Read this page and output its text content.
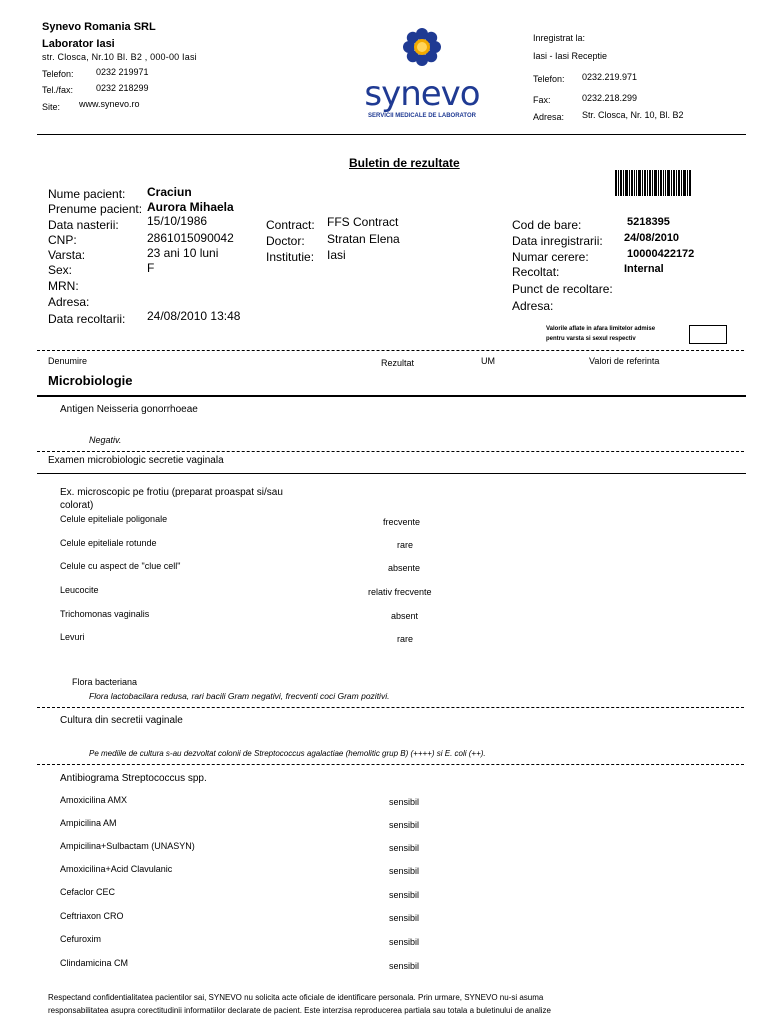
Synevo Romania SRL
Laborator Iasi
str. Closca, Nr.10 Bl. B2 , 000-00 Iasi
Telefon: 0232 219971
Tel./fax:	0232 218299
Site: www.synevo.ro	synevo
SERVICII MEDICALE DE LABORATOR
Inregistrat la:
Iasi - Iasi Receptie
Telefon: 0232.219.971
Fax:	0232.218.299
Adresa: Str. Closca, Nr. 10, Bl. B2
Buletin de rezultate
Nume pacient: Craciun
Prenume pacient: Aurora Mihaela
Data nasterii: 15/10/1986
CNP:	2861015090042
Varsta:	23 ani 10 luni
Sex:	F
MRN:
Adresa:
Data recoltarii: 24/08/2010 13:48
Contract: FFS Contract
Doctor: Stratan Elena
Institutie: Iasi
Cod de bare:	5218395
Data inregistrarii: 24/08/2010
Numar cerere:	10000422172
Recoltat:	Internal
Punct de recoltare:
Adresa:
Valorile aflate in afara limitelor admise
pentru varsta si sexul respectiv
Denumire	Rezultat	UM	Valori de referinta
Microbiologie
Antigen Neisseria gonorrhoeae
Negativ.
Examen microbiologic secretie vaginala
Ex. microscopic pe frotiu (preparat proaspat si/sau
colorat)
Celule epiteliale poligonale	frecvente
Celule epiteliale rotunde	rare
Celule cu aspect de "clue cell"	absente
Leucocite	relativ frecvente
Trichomonas vaginalis	absent
Levuri	rare
Flora bacteriana
Flora lactobacilara redusa, rari bacili Gram negativi, frecventi coci Gram pozitivi.
Cultura din secretii vaginale
Pe mediile de cultura s-au dezvoltat colonii de Streptococcus agalactiae (hemolitic grup B) (++++) si E. coli (++).
Antibiograma Streptococcus spp.
Amoxicilina AMX	sensibil
Ampicilina AM	sensibil
Ampicilina+Sulbactam (UNASYN)	sensibil
Amoxicilina+Acid Clavulanic	sensibil
Cefaclor CEC	sensibil
Ceftriaxon CRO	sensibil
Cefuroxim	sensibil
Clindamicina CM	sensibil
Respectand confidentialitatea pacientilor sai, SYNEVO nu solicita acte oficiale de identificare personala. Prin urmare, SYNEVO nu-si asuma
responsabilitatea asupra corectitudinii informatiilor declarate de pacient. Este interzisa reproducerea partiala sau totala a buletinului de analize
